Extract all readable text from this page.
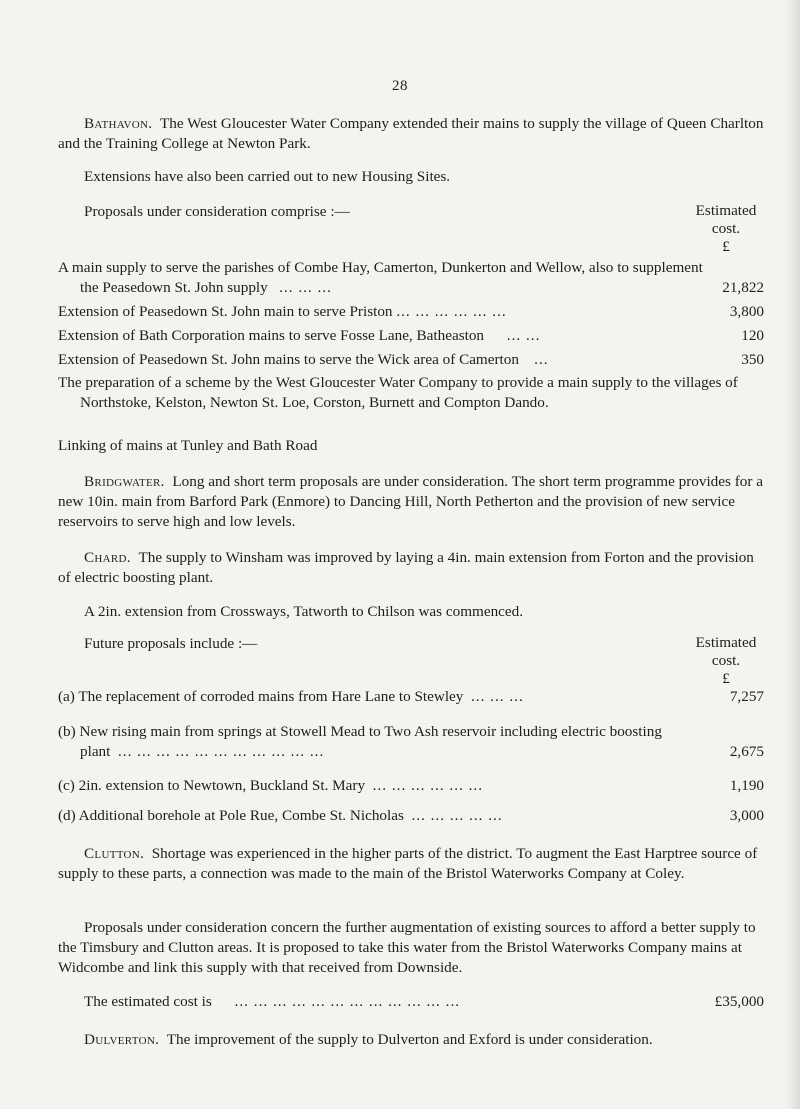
28

Bathavon. The West Gloucester Water Company extended their mains to supply the village of Queen Charlton and the Training College at Newton Park.

Extensions have also been carried out to new Housing Sites.
Proposals under consideration comprise :—	Estimated
cost.
£
A main supply to serve the parishes of Combe Hay, Camerton, Dunkerton and Wellow, also to supplement the Peasedown St. John supply ... ... ...	21,822
Extension of Peasedown St. John main to serve Priston ... ... ... ... ... ...	3,800
Extension of Bath Corporation mains to serve Fosse Lane, Batheaston ... ...	120
Extension of Peasedown St. John mains to serve the Wick area of Camerton ...	350
The preparation of a scheme by the West Gloucester Water Company to provide a main supply to the villages of Northstoke, Kelston, Newton St. Loe, Corston, Burnett and Compton Dando.
Linking of mains at Tunley and Bath Road

Bridgwater. Long and short term proposals are under consideration. The short term programme provides for a new 10in. main from Barford Park (Enmore) to Dancing Hill, North Petherton and the provision of new service reservoirs to serve high and low levels.

Chard. The supply to Winsham was improved by laying a 4in. main extension from Forton and the provision of electric boosting plant.

A 2in. extension from Crossways, Tatworth to Chilson was commenced.
Future proposals include :—	Estimated
cost.
£
(a) The replacement of corroded mains from Hare Lane to Stewley ... ... ...	7,257
(b) New rising main from springs at Stowell Mead to Two Ash reservoir including electric boosting plant ... ... ... ... ... ... ... ... ... ... ...	2,675
(c) 2in. extension to Newtown, Buckland St. Mary ... ... ... ... ... ...	1,190
(d) Additional borehole at Pole Rue, Combe St. Nicholas ... ... ... ... ...	3,000

Clutton. Shortage was experienced in the higher parts of the district. To augment the East Harptree source of supply to these parts, a connection was made to the main of the Bristol Waterworks Company at Coley.

Proposals under consideration concern the further augmentation of existing sources to afford a better supply to the Timsbury and Clutton areas. It is proposed to take this water from the Bristol Waterworks Company mains at Widcombe and link this supply with that received from Downside.
The estimated cost is ... ... ... ... ... ... ... ... ... ... ... ...	£35,000

Dulverton. The improvement of the supply to Dulverton and Exford is under consideration.
